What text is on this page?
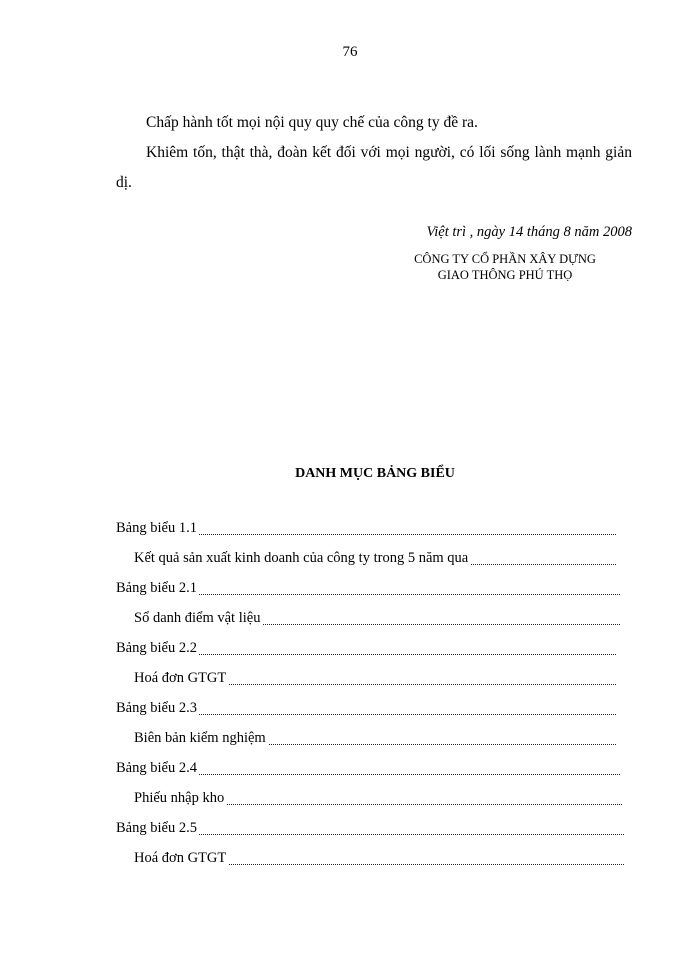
76
Chấp hành tốt mọi nội quy quy chế của công ty đề ra.
Khiêm tốn, thật thà, đoàn kết đối với mọi người, có lối sống lành mạnh giản dị.
Việt trì , ngày 14 tháng 8 năm 2008
CÔNG TY CỔ PHẦN XÂY DỰNG
GIAO THÔNG PHÚ THỌ
DANH MỤC BẢNG BIỂU
Bảng biểu 1.1
Kết quả sản xuất kinh doanh của công ty trong 5 năm qua
Bảng biểu 2.1
Sổ danh điểm vật liệu
Bảng biểu 2.2
Hoá đơn GTGT
Bảng biểu 2.3
Biên bản kiểm nghiệm
Bảng biểu 2.4
Phiếu nhập kho
Bảng biểu 2.5
Hoá đơn GTGT
